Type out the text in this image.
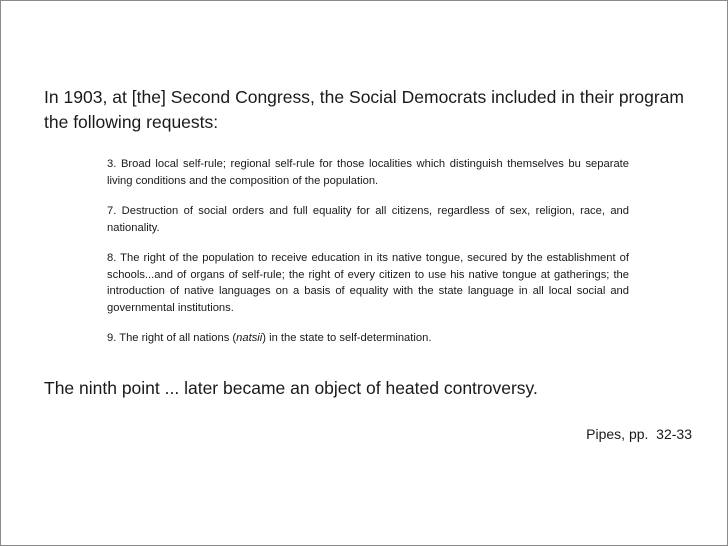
In 1903, at [the] Second Congress, the Social Democrats included in their program the following requests:

3. Broad local self-rule; regional self-rule for those localities which distinguish themselves bu separate living conditions and the composition of the population.
7. Destruction of social orders and full equality for all citizens, regardless of sex, religion, race, and nationality.
8. The right of the population to receive education in its native tongue, secured by the establishment of schools...and of organs of self-rule; the right of every citizen to use his native tongue at gatherings; the introduction of native languages on a basis of equality with the state language in all local social and governmental institutions.
9. The right of all nations (natsii) in the state to self-determination.

The ninth point ... later became an object of heated controversy.

Pipes, pp.  32-33
